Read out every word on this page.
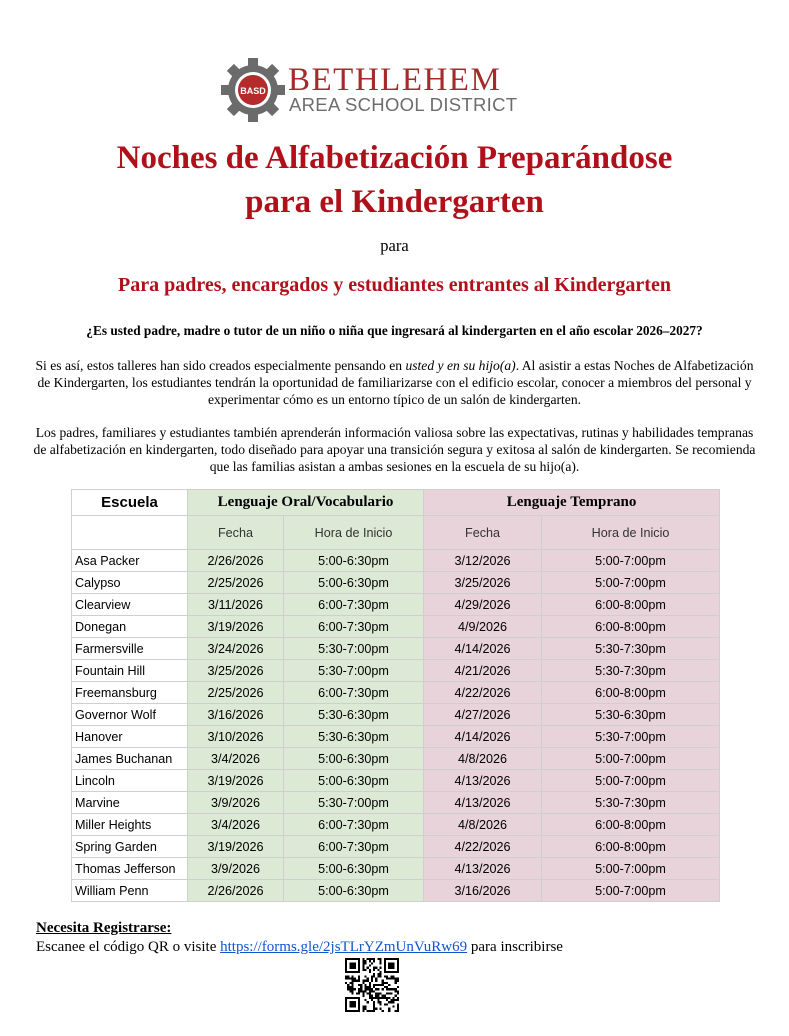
BASD BETHLEHEM
AREA SCHOOL DISTRICT
Noches de Alfabetización Preparándose
para el Kindergarten
para
Para padres, encargados y estudiantes entrantes al Kindergarten
¿Es usted padre, madre o tutor de un niño o niña que ingresará al kindergarten en el año escolar 2026–2027?
Si es así, estos talleres han sido creados especialmente pensando en usted y en su hijo(a). Al asistir a estas Noches de Alfabetización de Kindergarten, los estudiantes tendrán la oportunidad de familiarizarse con el edificio escolar, conocer a miembros del personal y experimentar cómo es un entorno típico de un salón de kindergarten.
Los padres, familiares y estudiantes también aprenderán información valiosa sobre las expectativas, rutinas y habilidades tempranas de alfabetización en kindergarten, todo diseñado para apoyar una transición segura y exitosa al salón de kindergarten. Se recomienda que las familias asistan a ambas sesiones en la escuela de su hijo(a).
Escuela	Lenguaje Oral/Vocabulario		Lenguaje Temprano	
	Fecha	Hora de Inicio	Fecha	Hora de Inicio
Asa Packer	2/26/2026	5:00-6:30pm	3/12/2026	5:00-7:00pm
Calypso	2/25/2026	5:00-6:30pm	3/25/2026	5:00-7:00pm
Clearview	3/11/2026	6:00-7:30pm	4/29/2026	6:00-8:00pm
Donegan	3/19/2026	6:00-7:30pm	4/9/2026	6:00-8:00pm
Farmersville	3/24/2026	5:30-7:00pm	4/14/2026	5:30-7:30pm
Fountain Hill	3/25/2026	5:30-7:00pm	4/21/2026	5:30-7:30pm
Freemansburg	2/25/2026	6:00-7:30pm	4/22/2026	6:00-8:00pm
Governor Wolf	3/16/2026	5:30-6:30pm	4/27/2026	5:30-6:30pm
Hanover	3/10/2026	5:30-6:30pm	4/14/2026	5:30-7:00pm
James Buchanan	3/4/2026	5:00-6:30pm	4/8/2026	5:00-7:00pm
Lincoln	3/19/2026	5:00-6:30pm	4/13/2026	5:00-7:00pm
Marvine	3/9/2026	5:30-7:00pm	4/13/2026	5:30-7:30pm
Miller Heights	3/4/2026	6:00-7:30pm	4/8/2026	6:00-8:00pm
Spring Garden	3/19/2026	6:00-7:30pm	4/22/2026	6:00-8:00pm
Thomas Jefferson	3/9/2026	5:00-6:30pm	4/13/2026	5:00-7:00pm
William Penn	2/26/2026	5:00-6:30pm	3/16/2026	5:00-7:00pm
Necesita Registrarse:
Escanee el código QR o visite https://forms.gle/2jsTLrYZmUnVuRw69 para inscribirse
